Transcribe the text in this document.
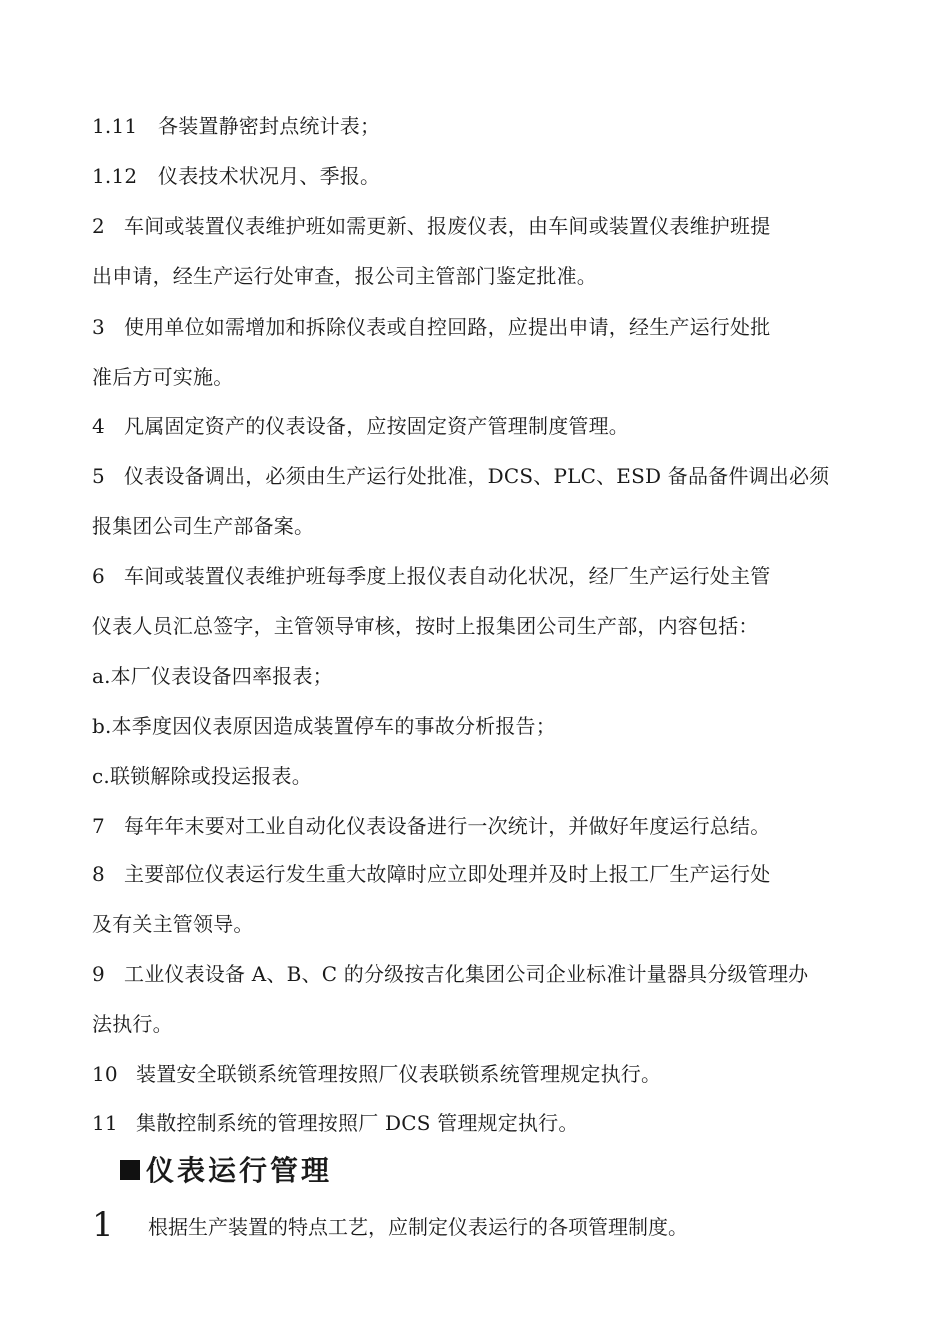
1.11 各装置静密封点统计表；
1.12 仪表技术状况月、季报。
2 车间或装置仪表维护班如需更新、报废仪表，由车间或装置仪表维护班提
出申请，经生产运行处审查，报公司主管部门鉴定批准。
3 使用单位如需增加和拆除仪表或自控回路，应提出申请，经生产运行处批
准后方可实施。
4 凡属固定资产的仪表设备，应按固定资产管理制度管理。
5 仪表设备调出，必须由生产运行处批准，DCS、PLC、ESD 备品备件调出必须
报集团公司生产部备案。
6 车间或装置仪表维护班每季度上报仪表自动化状况，经厂生产运行处主管
仪表人员汇总签字，主管领导审核，按时上报集团公司生产部，内容包括：
a.本厂仪表设备四率报表；
b.本季度因仪表原因造成装置停车的事故分析报告；
c.联锁解除或投运报表。
7 每年年末要对工业自动化仪表设备进行一次统计，并做好年度运行总结。
8 主要部位仪表运行发生重大故障时应立即处理并及时上报工厂生产运行处
及有关主管领导。
9 工业仪表设备 A、B、C 的分级按吉化集团公司企业标准计量器具分级管理办
法执行。
10 装置安全联锁系统管理按照厂仪表联锁系统管理规定执行。
11 集散控制系统的管理按照厂 DCS 管理规定执行。
仪表运行管理
1 根据生产装置的特点工艺，应制定仪表运行的各项管理制度。
